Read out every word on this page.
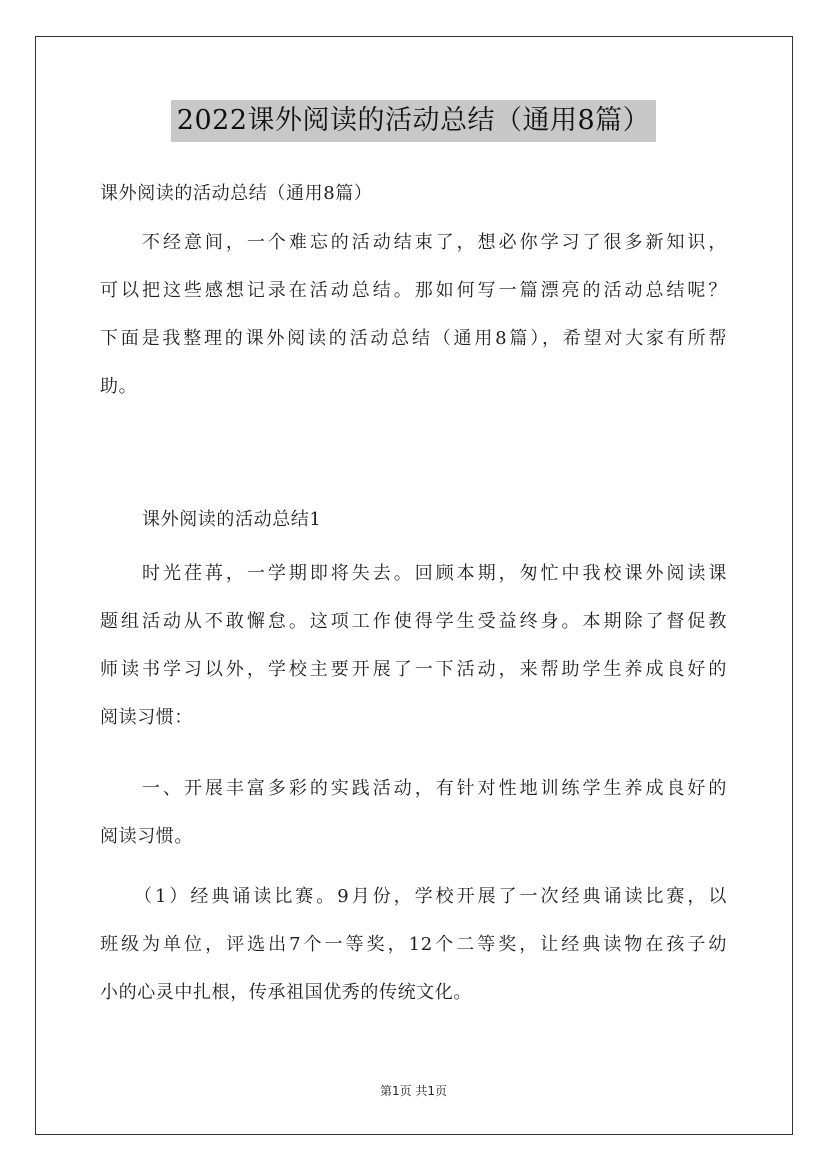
2022课外阅读的活动总结（通用8篇）
课外阅读的活动总结（通用8篇）
不经意间，一个难忘的活动结束了，想必你学习了很多新知识，
可以把这些感想记录在活动总结。那如何写一篇漂亮的活动总结呢？
下面是我整理的课外阅读的活动总结（通用8篇），希望对大家有所帮
助。
课外阅读的活动总结1
时光荏苒，一学期即将失去。回顾本期，匆忙中我校课外阅读课
题组活动从不敢懈怠。这项工作使得学生受益终身。本期除了督促教
师读书学习以外，学校主要开展了一下活动，来帮助学生养成良好的
阅读习惯：
一、开展丰富多彩的实践活动，有针对性地训练学生养成良好的
阅读习惯。
（1）经典诵读比赛。9月份，学校开展了一次经典诵读比赛，以
班级为单位，评选出7个一等奖，12个二等奖，让经典读物在孩子幼
小的心灵中扎根，传承祖国优秀的传统文化。
第1页 共1页
